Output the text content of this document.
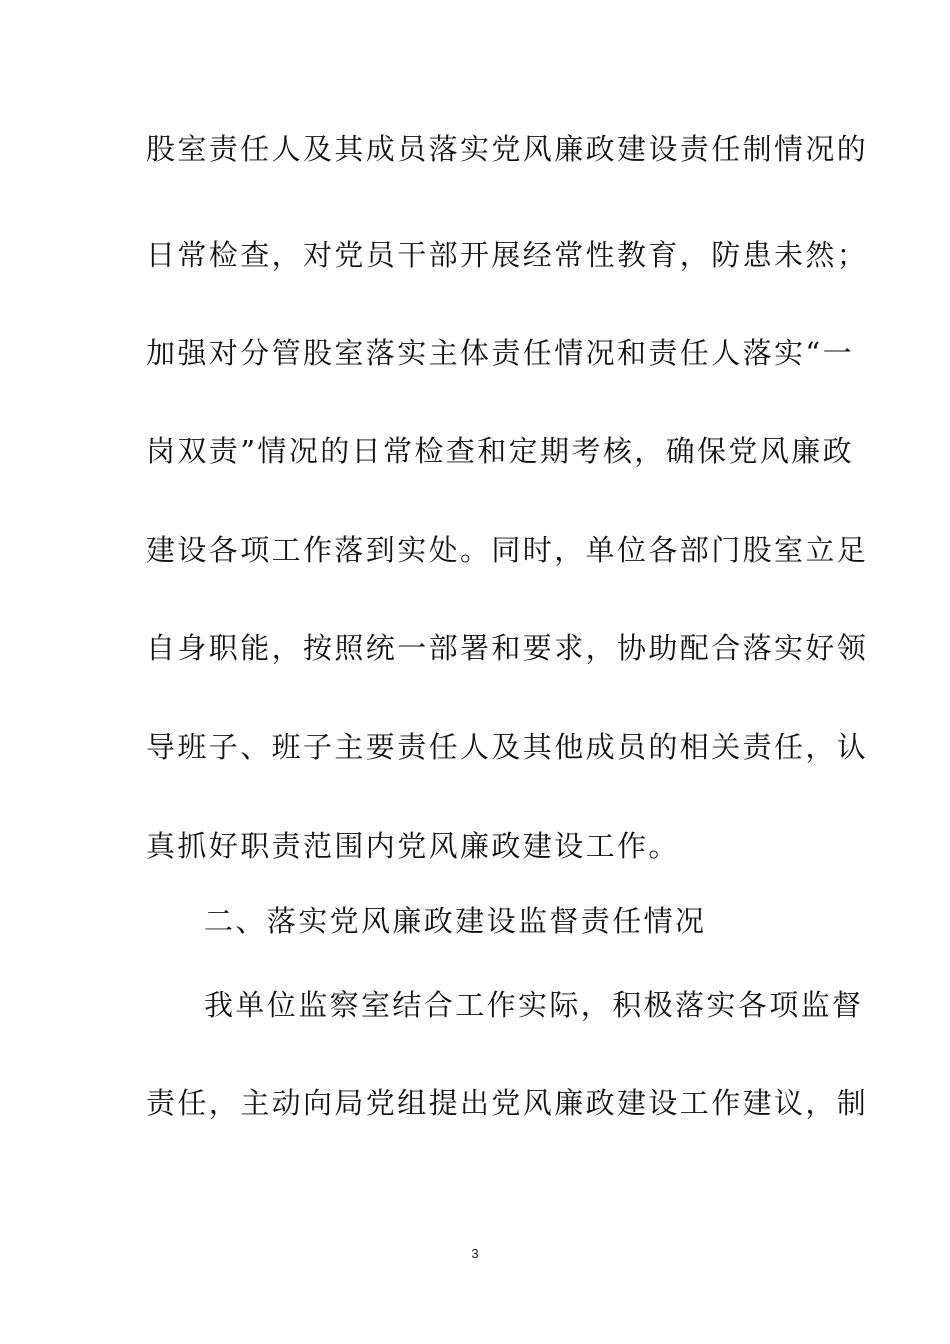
股室责任人及其成员落实党风廉政建设责任制情况的
日常检查，对党员干部开展经常性教育，防患未然；
加强对分管股室落实主体责任情况和责任人落实“一
岗双责”情况的日常检查和定期考核，确保党风廉政
建设各项工作落到实处。同时，单位各部门股室立足
自身职能，按照统一部署和要求，协助配合落实好领
导班子、班子主要责任人及其他成员的相关责任，认
真抓好职责范围内党风廉政建设工作。
二、落实党风廉政建设监督责任情况
我单位监察室结合工作实际，积极落实各项监督
责任，主动向局党组提出党风廉政建设工作建议，制
3
